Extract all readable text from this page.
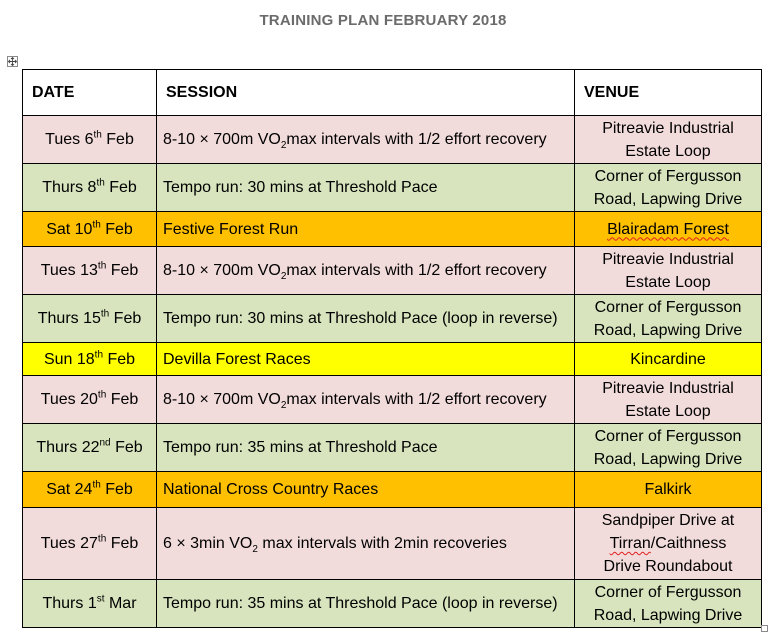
TRAINING PLAN FEBRUARY 2018
DATE	SESSION	VENUE
Tues 6th Feb	8-10 × 700m $VO_2\max$ intervals with 1/2 effort recovery	Pitreavie Industrial
Estate Loop
Thurs 8th Feb	Tempo run: 30 mins at Threshold Pace	Corner of Fergusson
Road, Lapwing Drive
Sat 10th Feb	Festive Forest Run	Blairadam Forest
Tues 13th Feb	8-10 × 700m $VO_2\max$ intervals with 1/2 effort recovery	Pitreavie Industrial
Estate Loop
Thurs 15th Feb	Tempo run: 30 mins at Threshold Pace (loop in reverse)	Corner of Fergusson
Road, Lapwing Drive
Sun 18th Feb	Devilla Forest Races	Kincardine
Tues 20th Feb	8-10 × 700m $VO_2\max$ intervals with 1/2 effort recovery	Pitreavie Industrial
Estate Loop
Thurs 22nd Feb	Tempo run: 35 mins at Threshold Pace	Corner of Fergusson
Road, Lapwing Drive
Sat 24th Feb	National Cross Country Races	Falkirk
Tues 27th Feb	6 × 3min $VO_2$ max intervals with 2min recoveries	Sandpiper Drive at
Tirran/Caithness
Drive Roundabout
Thurs 1st Mar	Tempo run: 35 mins at Threshold Pace (loop in reverse)	Corner of Fergusson
Road, Lapwing Drive
